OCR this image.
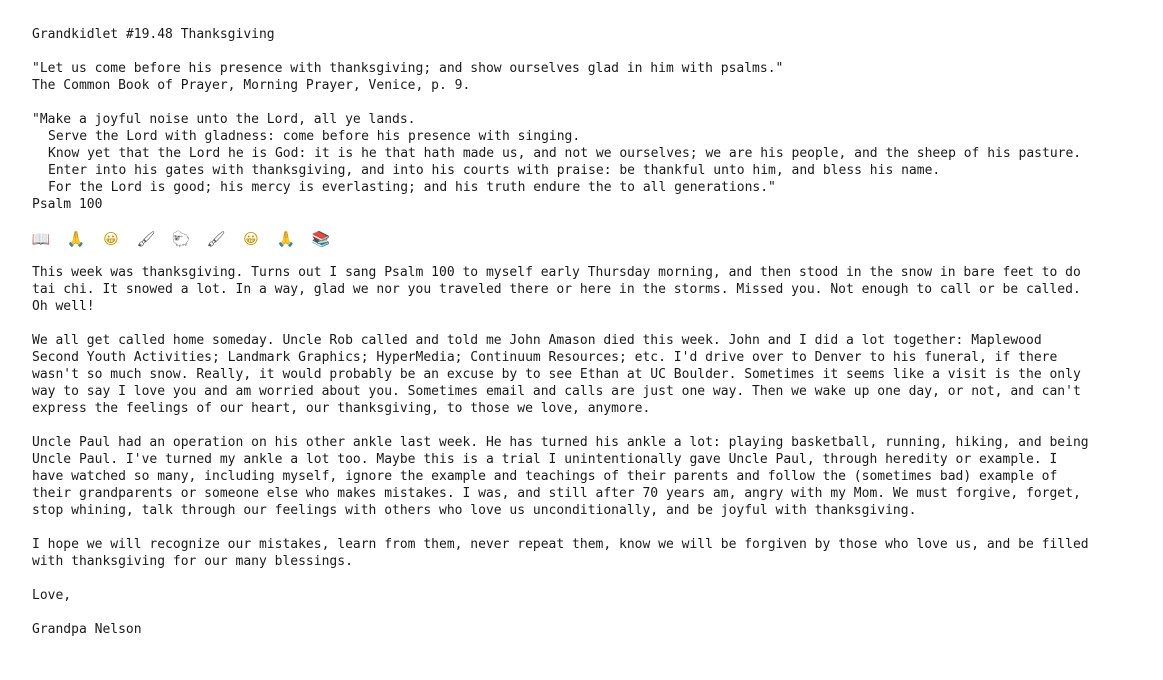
Grandkidlet #19.48 Thanksgiving
"Let us come before his presence with thanksgiving; and show ourselves glad in him with psalms."
The Common Book of Prayer, Morning Prayer, Venice, p. 9.
"Make a joyful noise unto the Lord, all ye lands.
Serve the Lord with gladness: come before his presence with singing.
Know yet that the Lord he is God: it is he that hath made us, and not we ourselves; we are his people, and the sheep of his pasture.
Enter into his gates with thanksgiving, and into his courts with praise: be thankful unto him, and bless his name.
For the Lord is good; his mercy is everlasting; and his truth endure the to all generations."
Psalm 100
📖 🙏 😀 🖌 🐑 🖌 😀 🙏 📚
This week was thanksgiving. Turns out I sang Psalm 100 to myself early Thursday morning, and then stood in the snow in bare feet to do
tai chi. It snowed a lot. In a way, glad we nor you traveled there or here in the storms. Missed you. Not enough to call or be called.
Oh well!
We all get called home someday. Uncle Rob called and told me John Amason died this week. John and I did a lot together: Maplewood
Second Youth Activities; Landmark Graphics; HyperMedia; Continuum Resources; etc. I'd drive over to Denver to his funeral, if there
wasn't so much snow. Really, it would probably be an excuse by to see Ethan at UC Boulder. Sometimes it seems like a visit is the only
way to say I love you and am worried about you. Sometimes email and calls are just one way. Then we wake up one day, or not, and can't
express the feelings of our heart, our thanksgiving, to those we love, anymore.
Uncle Paul had an operation on his other ankle last week. He has turned his ankle a lot: playing basketball, running, hiking, and being
Uncle Paul. I've turned my ankle a lot too. Maybe this is a trial I unintentionally gave Uncle Paul, through heredity or example. I
have watched so many, including myself, ignore the example and teachings of their parents and follow the (sometimes bad) example of
their grandparents or someone else who makes mistakes. I was, and still after 70 years am, angry with my Mom. We must forgive, forget,
stop whining, talk through our feelings with others who love us unconditionally, and be joyful with thanksgiving.
I hope we will recognize our mistakes, learn from them, never repeat them, know we will be forgiven by those who love us, and be filled
with thanksgiving for our many blessings.
Love,
Grandpa Nelson
